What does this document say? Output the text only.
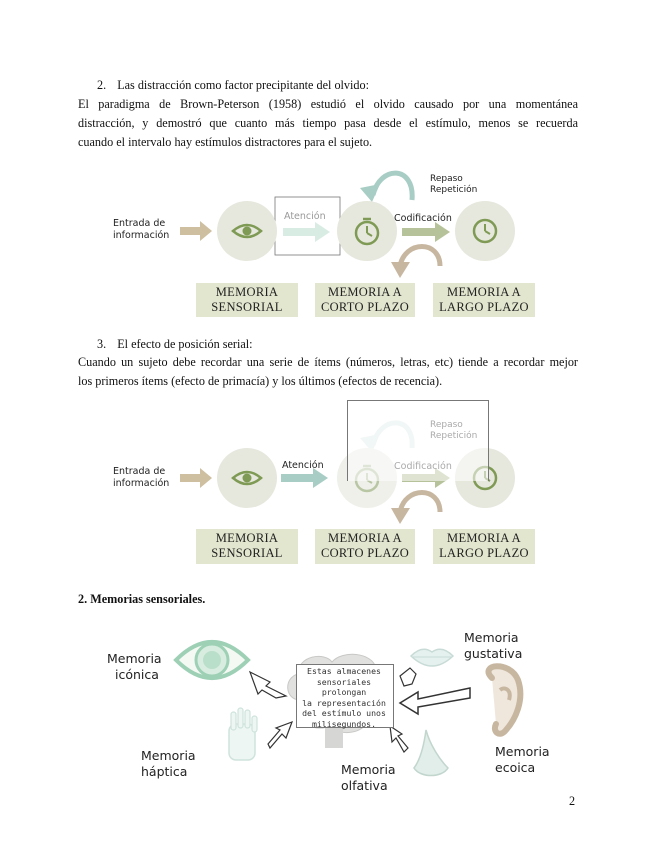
2. Las distracción como factor precipitante del olvido:
El paradigma de Brown-Peterson (1958) estudió el olvido causado por una momentánea
distracción, y demostró que cuanto más tiempo pasa desde el estímulo, menos se recuerda
cuando el intervalo hay estímulos distractores para el sujeto.
Entrada de
información
Atención
Repaso
Repetición
Codificación
MEMORIA
SENSORIAL
MEMORIA A
CORTO PLAZO
MEMORIA A
LARGO PLAZO
3. El efecto de posición serial:
Cuando un sujeto debe recordar una serie de ítems (números, letras, etc) tiende a recordar mejor
los primeros ítems (efecto de primacía) y los últimos (efectos de recencia).
Entrada de
información
Repaso
Repetición
Atención	Codificación
MEMORIA
SENSORIAL
MEMORIA A
CORTO PLAZO
MEMORIA A
LARGO PLAZO
2. Memorias sensoriales.
Estas almacenes
sensoriales
prolongan
la representación
del estímulo unos
milisegundos.
Memoria
icónica
Memoria
gustativa
Memoria
háptica	Memoria
olfativa
Memoria
ecoica
2
